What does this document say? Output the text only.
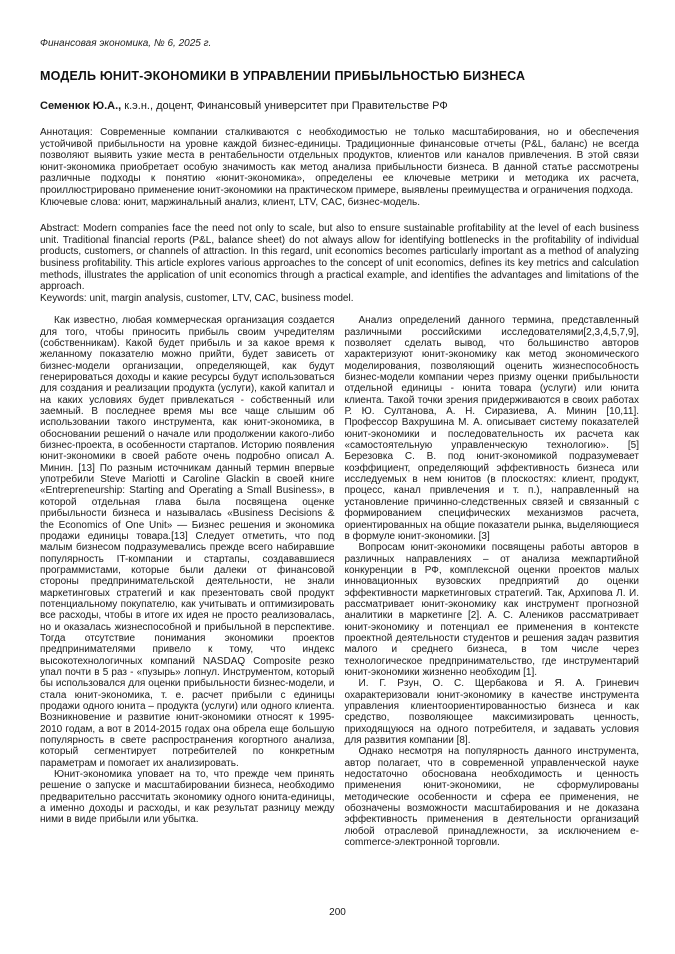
Финансовая экономика, № 6, 2025 г.

МОДЕЛЬ ЮНИТ-ЭКОНОМИКИ В УПРАВЛЕНИИ ПРИБЫЛЬНОСТЬЮ БИЗНЕСА

Семенюк Ю.А., к.э.н., доцент, Финансовый университет при Правительстве РФ

Аннотация: Современные компании сталкиваются с необходимостью не только масштабирования, но и обеспечения устойчивой прибыльности на уровне каждой бизнес-единицы. Традиционные финансовые отчеты (P&L, баланс) не всегда позволяют выявить узкие места в рентабельности отдельных продуктов, клиентов или каналов привлечения. В этой связи юнит-экономика приобретает особую значимость как метод анализа прибыльности бизнеса. В данной статье рассмотрены различные подходы к понятию «юнит-экономика», определены ее ключевые метрики и методика их расчета, проиллюстрировано применение юнит-экономики на практическом примере, выявлены преимущества и ограничения подхода.

Ключевые слова: юнит, маржинальный анализ, клиент, LTV, CAC, бизнес-модель.

Abstract: Modern companies face the need not only to scale, but also to ensure sustainable profitability at the level of each business unit. Traditional financial reports (P&L, balance sheet) do not always allow for identifying bottlenecks in the profitability of individual products, customers, or channels of attraction. In this regard, unit economics becomes particularly important as a method of analyzing business profitability. This article explores various approaches to the concept of unit economics, defines its key metrics and calculation methods, illustrates the application of unit economics through a practical example, and identifies the advantages and limitations of the approach.

Keywords: unit, margin analysis, customer, LTV, CAC, business model.

Как известно, любая коммерческая организация создается для того, чтобы приносить прибыль своим учредителям (собственникам). Какой будет прибыль и за какое время к желанному показателю можно прийти, будет зависеть от бизнес-модели организации, определяющей, как будут генерироваться доходы и какие ресурсы будут использоваться для создания и реализации продукта (услуги), какой капитал и на каких условиях будет привлекаться - собственный или заемный. В последнее время мы все чаще слышим об использовании такого инструмента, как юнит-экономика, в обосновании решений о начале или продолжении какого-либо бизнес-проекта, в особенности стартапов. Историю появления юнит-экономики в своей работе очень подробно описал А. Минин. [13] По разным источникам данный термин впервые употребили Steve Mariotti и Caroline Glackin в своей книге «Entrepreneurship: Starting and Operating a Small Business», в которой отдельная глава была посвящена оценке прибыльности бизнеса и называлась «Business Decisions & the Economics of One Unit» — Бизнес решения и экономика продажи единицы товара.[13] Следует отметить, что под малым бизнесом подразумевались прежде всего набиравшие популярность IT-компании и стартапы, создававшиеся программистами, которые были далеки от финансовой стороны предпринимательской деятельности, не знали маркетинговых стратегий и как презентовать свой продукт потенциальному покупателю, как учитывать и оптимизировать все расходы, чтобы в итоге их идея не просто реализовалась, но и оказалась жизнеспособной и прибыльной в перспективе. Тогда отсутствие понимания экономики проектов предпринимателями привело к тому, что индекс высокотехнологичных компаний NASDAQ Composite резко упал почти в 5 раз - «пузырь» лопнул. Инструментом, который бы использовался для оценки прибыльности бизнес-модели, и стала юнит-экономика, т. е. расчет прибыли с единицы продажи одного юнита – продукта (услуги) или одного клиента. Возникновение и развитие юнит-экономики относят к 1995-2010 годам, а вот в 2014-2015 годах она обрела еще большую популярность в свете распространения когортного анализа, который сегментирует потребителей по конкретным параметрам и помогает их анализировать.

Юнит-экономика уповает на то, что прежде чем принять решение о запуске и масштабировании бизнеса, необходимо предварительно рассчитать экономику одного юнита-единицы, а именно доходы и расходы, и как результат разницу между ними в виде прибыли или убытка.

Анализ определений данного термина, представленный различными российскими исследователями[2,3,4,5,7,9], позволяет сделать вывод, что большинство авторов характеризуют юнит-экономику как метод экономического моделирования, позволяющий оценить жизнеспособность бизнес-модели компании через призму оценки прибыльности отдельной единицы - юнита товара (услуги) или юнита клиента. Такой точки зрения придерживаются в своих работах Р. Ю. Султанова, А. Н. Сиразиева, А. Минин [10,11]. Профессор Вахрушина М. А. описывает систему показателей юнит-экономики и последовательность их расчета как «самостоятельную управленческую технологию». [5] Березовка С. В. под юнит-экономикой подразумевает коэффициент, определяющий эффективность бизнеса или исследуемых в нем юнитов (в плоскостях: клиент, продукт, процесс, канал привлечения и т. п.), направленный на установление причинно-следственных связей и связанный с формированием специфических механизмов расчета, ориентированных на общие показатели рынка, выделяющиеся в формуле юнит-экономики. [3]

Вопросам юнит-экономики посвящены работы авторов в различных направлениях – от анализа межпартийной конкуренции в РФ, комплексной оценки проектов малых инновационных вузовских предприятий до оценки эффективности маркетинговых стратегий. Так, Архипова Л. И. рассматривает юнит-экономику как инструмент прогнозной аналитики в маркетинге [2]. А. С. Алеников рассматривает юнит-экономику и потенциал ее применения в контексте проектной деятельности студентов и решения задач развития малого и среднего бизнеса, в том числе через технологическое предпринимательство, где инструментарий юнит-экономики жизненно необходим [1].

И. Г. Рзун, О. С. Щербакова и Я. А. Гриневич охарактеризовали юнит-экономику в качестве инструмента управления клиентоориентированностью бизнеса и как средство, позволяющее максимизировать ценность, приходящуюся на одного потребителя, и задавать условия для развития компании [8].

Однако несмотря на популярность данного инструмента, автор полагает, что в современной управленческой науке недостаточно обоснована необходимость и ценность применения юнит-экономики, не сформулированы методические особенности и сфера ее применения, не обозначены возможности масштабирования и не доказана эффективность применения в деятельности организаций любой отраслевой принадлежности, за исключением e-commerce-электронной торговли.

200
